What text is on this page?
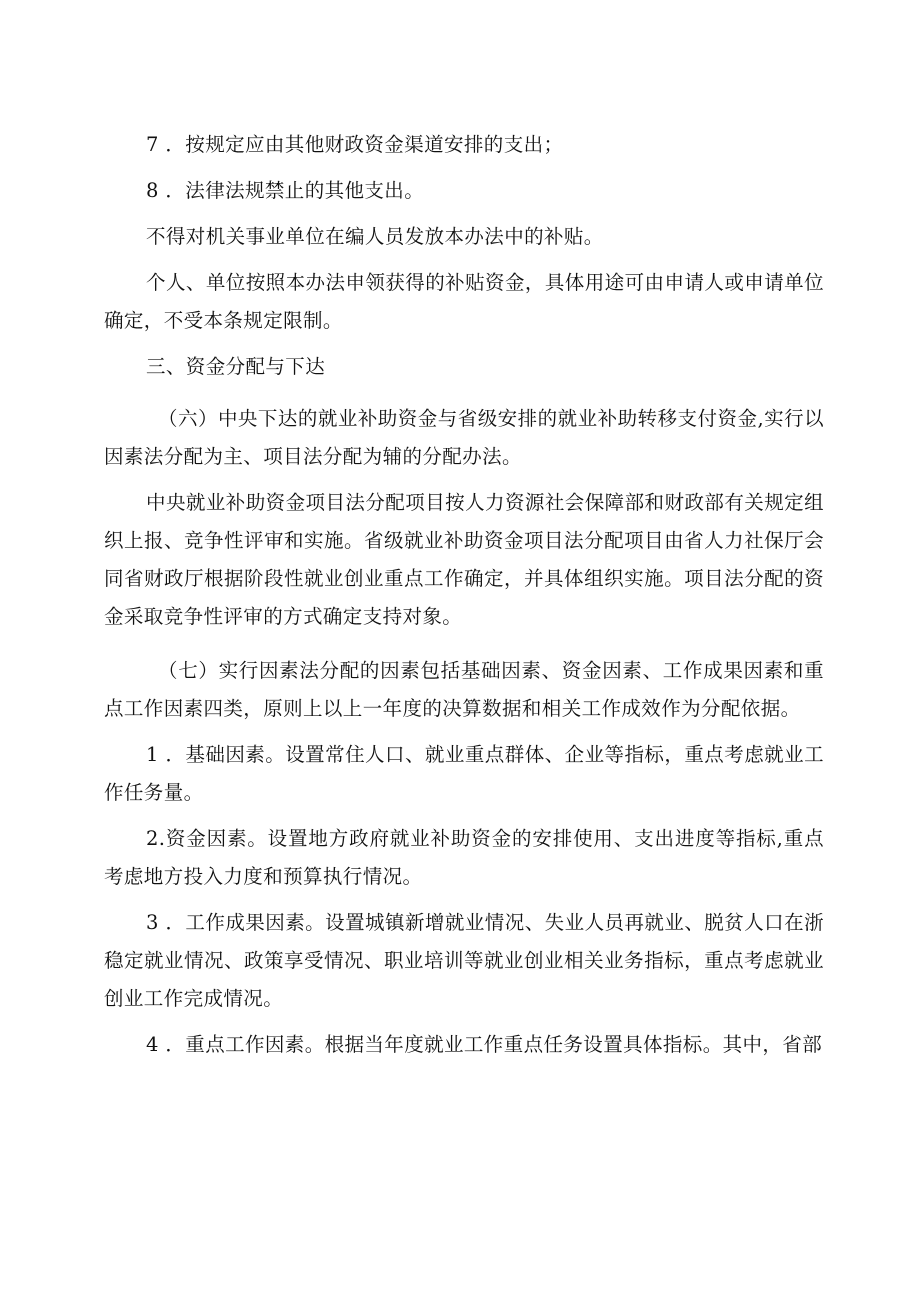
7 ．按规定应由其他财政资金渠道安排的支出；

8 ．法律法规禁止的其他支出。

不得对机关事业单位在编人员发放本办法中的补贴。

个人、单位按照本办法申领获得的补贴资金，具体用途可由申请人或申请单位确定，不受本条规定限制。

三、资金分配与下达

（六）中央下达的就业补助资金与省级安排的就业补助转移支付资金,实行以因素法分配为主、项目法分配为辅的分配办法。

中央就业补助资金项目法分配项目按人力资源社会保障部和财政部有关规定组织上报、竞争性评审和实施。省级就业补助资金项目法分配项目由省人力社保厅会同省财政厅根据阶段性就业创业重点工作确定，并具体组织实施。项目法分配的资金采取竞争性评审的方式确定支持对象。

（七）实行因素法分配的因素包括基础因素、资金因素、工作成果因素和重点工作因素四类，原则上以上一年度的决算数据和相关工作成效作为分配依据。

1 ．基础因素。设置常住人口、就业重点群体、企业等指标，重点考虑就业工作任务量。

2.资金因素。设置地方政府就业补助资金的安排使用、支出进度等指标,重点考虑地方投入力度和预算执行情况。

3 ．工作成果因素。设置城镇新增就业情况、失业人员再就业、脱贫人口在浙稳定就业情况、政策享受情况、职业培训等就业创业相关业务指标，重点考虑就业创业工作完成情况。

4 ．重点工作因素。根据当年度就业工作重点任务设置具体指标。其中，省部
